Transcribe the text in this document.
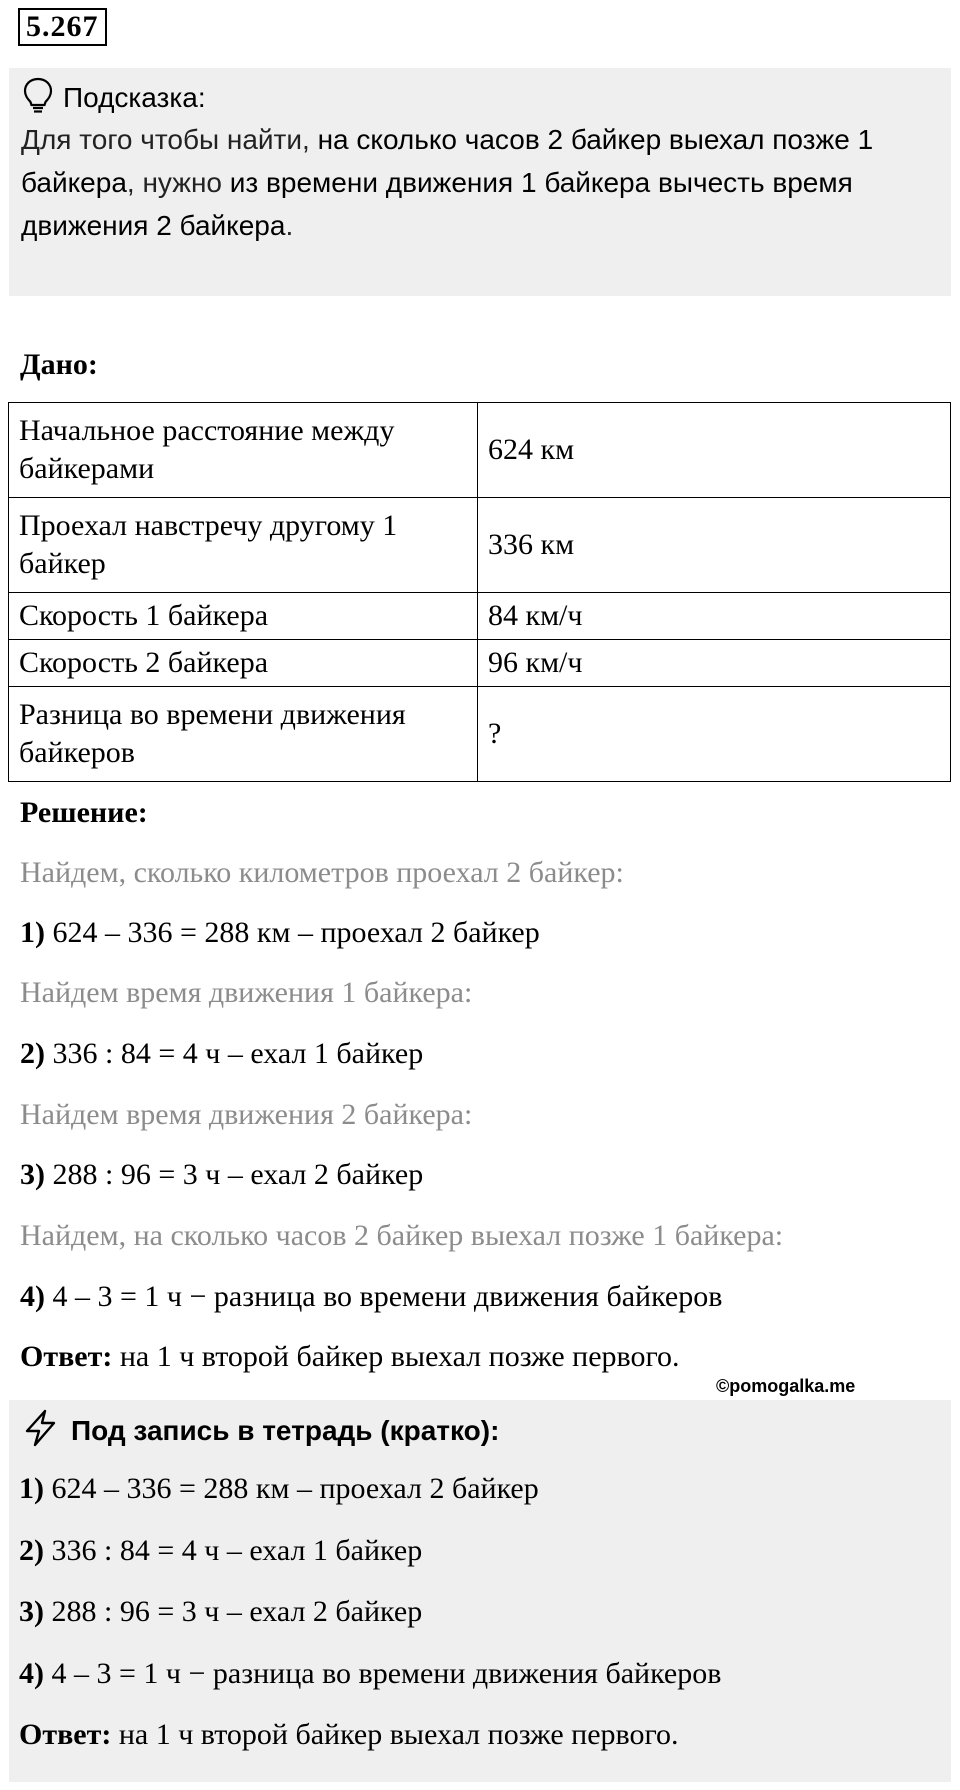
5.267
Подсказка:
Для того чтобы найти, на сколько часов 2 байкер выехал позже 1 байкера, нужно из времени движения 1 байкера вычесть время движения 2 байкера.
Дано:
Начальное расстояние между байкерами	624 км
Проехал навстречу другому 1 байкер	336 км
Скорость 1 байкера	84 км/ч
Скорость 2 байкера	96 км/ч
Разница во времени движения байкеров	?
Решение:
Найдем, сколько километров проехал 2 байкер:
1) 624 – 336 = 288 км – проехал 2 байкер
Найдем время движения 1 байкера:
2) 336 : 84 = 4 ч – ехал 1 байкер
Найдем время движения 2 байкера:
3) 288 : 96 = 3 ч – ехал 2 байкер
Найдем, на сколько часов 2 байкер выехал позже 1 байкера:
4) 4 – 3 = 1 ч − разница во времени движения байкеров
Ответ: на 1 ч второй байкер выехал позже первого.
©pomogalka.me
Под запись в тетрадь (кратко):
1) 624 – 336 = 288 км – проехал 2 байкер
2) 336 : 84 = 4 ч – ехал 1 байкер
3) 288 : 96 = 3 ч – ехал 2 байкер
4) 4 – 3 = 1 ч − разница во времени движения байкеров
Ответ: на 1 ч второй байкер выехал позже первого.
